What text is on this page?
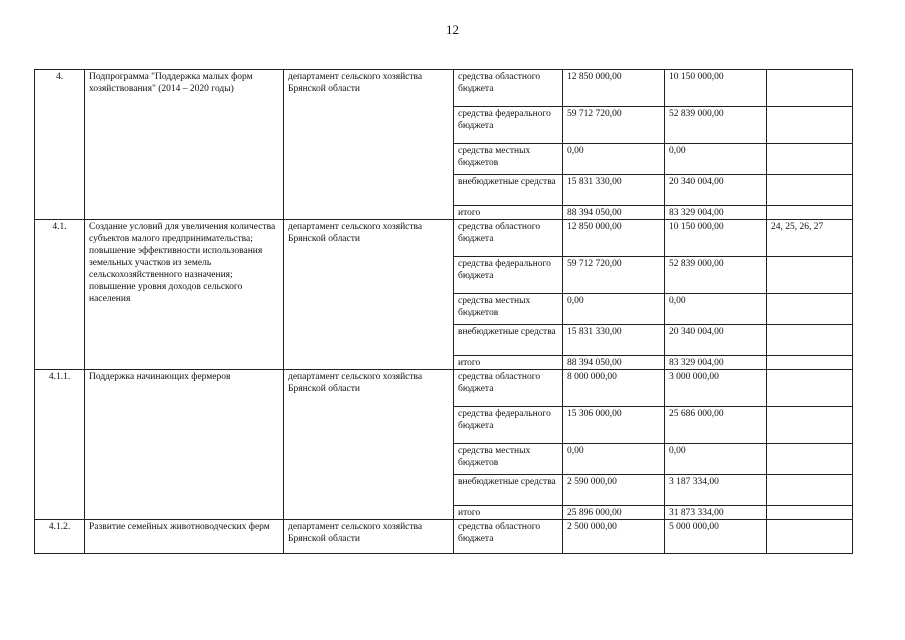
12
4.	Подпрограмма "Поддержка малых форм хозяйствования" (2014 – 2020 годы)	департамент сельского хозяйства Брянской области	средства областного бюджета	12 850 000,00	10 150 000,00	
			средства федерального бюджета	59 712 720,00	52 839 000,00	
			средства местных бюджетов	0,00	0,00	
			внебюджетные средства	15 831 330,00	20 340 004,00	
			итого	88 394 050,00	83 329 004,00	
4.1.	Создание условий для увеличения количества субъектов малого предпринимательства; повышение эффективности использования земельных участков из земель сельскохозяйственного назначения; повышение уровня доходов сельского населения	департамент сельского хозяйства Брянской области	средства областного бюджета	12 850 000,00	10 150 000,00	24, 25, 26, 27
			средства федерального бюджета	59 712 720,00	52 839 000,00	
			средства местных бюджетов	0,00	0,00	
			внебюджетные средства	15 831 330,00	20 340 004,00	
			итого	88 394 050,00	83 329 004,00	
4.1.1.	Поддержка начинающих фермеров	департамент сельского хозяйства Брянской области	средства областного бюджета	8 000 000,00	3 000 000,00	
			средства федерального бюджета	15 306 000,00	25 686 000,00	
			средства местных бюджетов	0,00	0,00	
			внебюджетные средства	2 590 000,00	3 187 334,00	
			итого	25 896 000,00	31 873 334,00	
4.1.2.	Развитие семейных животноводческих ферм	департамент сельского хозяйства Брянской области	средства областного бюджета	2 500 000,00	5 000 000,00	
